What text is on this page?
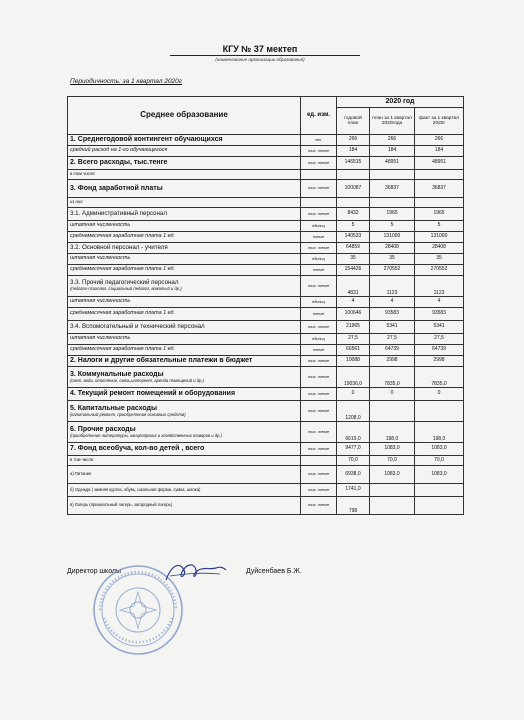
КГУ № 37 мектеп
(наименование организации образования)
Периодичность: за 1 квартал 2020г
Среднее образование	ед. изм.	2020 год		
		годовой план	план за 1 квартал 2020года	факт за 1 квартал 2020г
1. Среднегодовой контингент обучающихся	чел.	266	266	266
средний расход на 1-го обучающегося	тыс. тенге	184	184	184
2. Всего расходы, тыс.тенге	тыс. тенге	146515	48951	48951
в том числе:				
3. Фонд заработной платы	тыс. тенге	100087	36837	36837
из них:				
3.1. Административный персонал	тыс. тенге	8432	1965	1965
штатная численность	единиц	5	5	5
среднемесячная заработная плата 1 ед.	тенге	140533	131000	131000
3.2. Основной персонал - учителя	тыс. тенге	64859	28408	28408
штатная численность	единиц	35	35	35
среднемесячная заработная плата 1 ед.	тенге	154426	270552	270552
3.3. Прочий педагогический персонал
(педагог-психолог, социальный педагог, вожатый и др.)	тыс. тенге	4831	1123	1123
штатная численность	единиц	4	4	4
среднемесячная заработная плата 1 ед.	тенге	100646	93583	93583
3.4. Вспомогательный и технический персонал	тыс. тенге	21965	5341	5341
штатная численность	единиц	27,5	27,5	27,5
среднемесячная заработная плата 1 ед.	тенге	66561	64739	64739
2. Налоги и другие обязательные платежи в бюджет	тыс. тенге	10088	2998	2998
3. Коммунальные расходы
(свет, вода, отопление, связь,интернет, аренда помещений и др.)	тыс. тенге	19036,0	7835,0	7835,0
4. Текущий ремонт помещений и оборудования	тыс. тенге	0	0	0
5. Капитальные расходы
(капитальный ремонт, приобретение основных средств)	тыс. тенге	1208,0		
6. Прочие расходы
(приобретение литературы, канцелярских и хозяйственных товаров и др.)	тыс. тенге	6619,0	198,0	198,0
7. Фонд всеобуча, кол-во детей , всего	тыс. тенге	9477,0	1083,0	1083,0
в том числе:		70,0	70,0	70,0
а) Питание	тыс. тенге	6938,0	1083,0	1083,0
б) Одежда ( зимняя куртка, обувь, школьная форма, сумка, шапка)	тыс. тенге	1741,0		
в) Лагерь (пришкольный лагерь, загородный лагерь)	тыс. тенге	798		
Директор школы	Дуйсенбаев Б.Ж.
